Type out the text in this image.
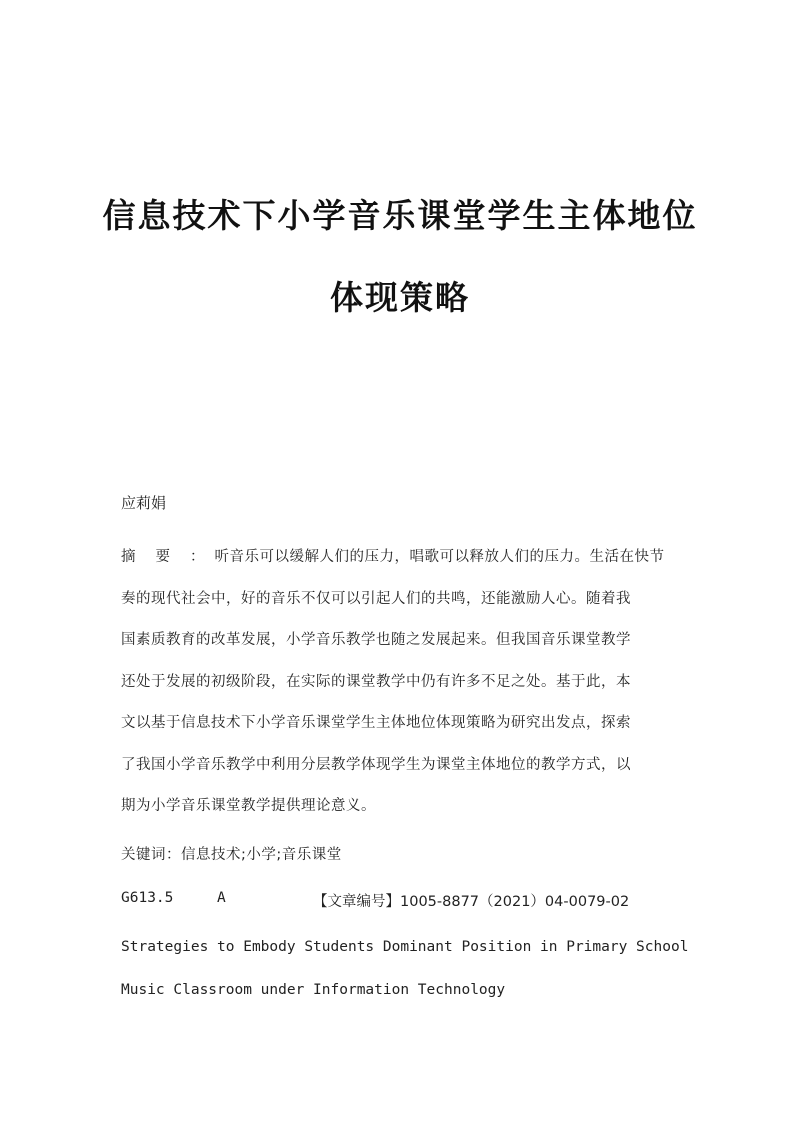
信息技术下小学音乐课堂学生主体地位
体现策略
应莉娟
摘要：听音乐可以缓解人们的压力，唱歌可以释放人们的压力。生活在快节
奏的现代社会中，好的音乐不仅可以引起人们的共鸣，还能激励人心。随着我
国素质教育的改革发展，小学音乐教学也随之发展起来。但我国音乐课堂教学
还处于发展的初级阶段，在实际的课堂教学中仍有许多不足之处。基于此，本
文以基于信息技术下小学音乐课堂学生主体地位体现策略为研究出发点，探索
了我国小学音乐教学中利用分层教学体现学生为课堂主体地位的教学方式，以
期为小学音乐课堂教学提供理论意义。
关键词：信息技术;小学;音乐课堂
G613.5	A	【文章编号】1005-8877（2021）04-0079-02
Strategies to Embody Students Dominant Position in Primary School
Music Classroom under Information Technology
